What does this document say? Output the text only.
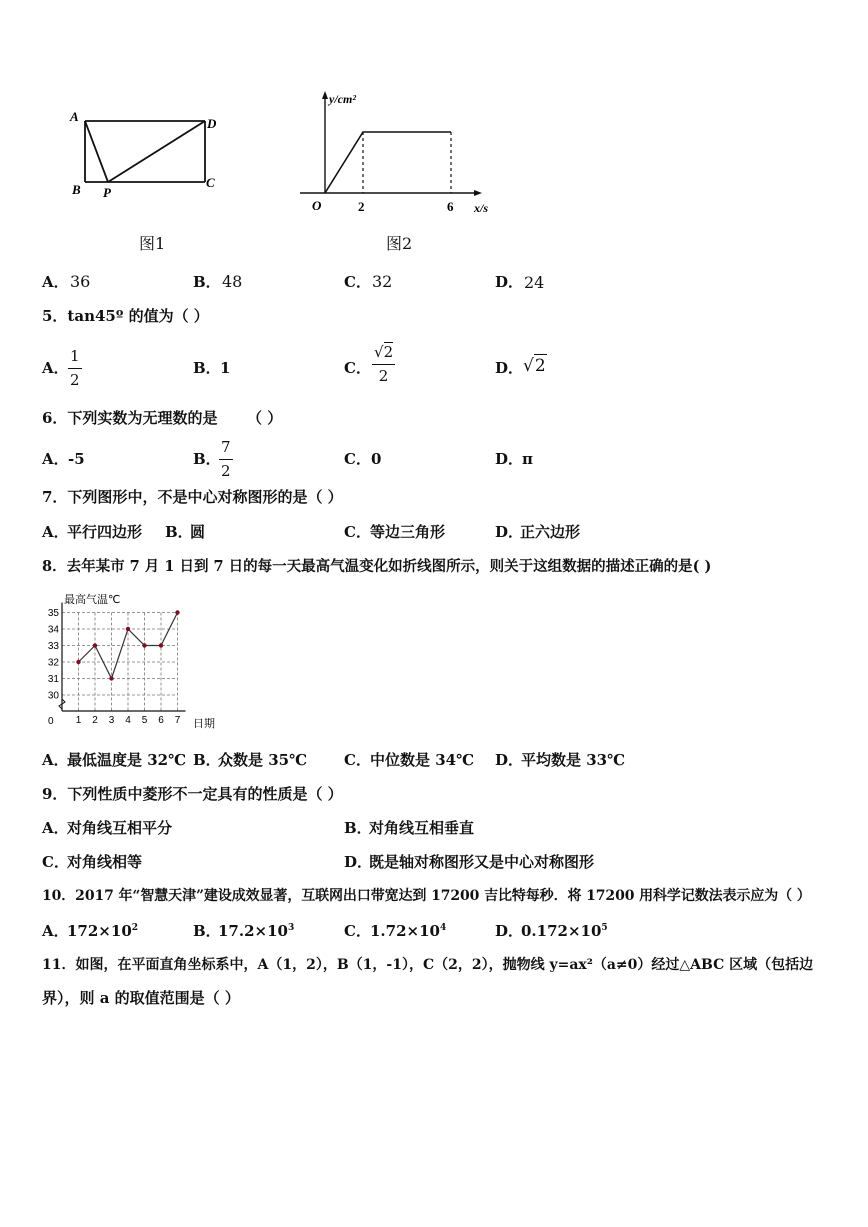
A	D
B P
C
图1
y/cm²
x/s
O	2	6
图2
A． 36	B． 48	C． 32	D． 24
5．tan45º 的值为（ ）
A．
1
2
B． 1	C．
√2
2	D． √2
6．下列实数为无理数的是 （ ）
A． -5	B．
7
2
C． 0	D．
π
7．下列图形中，不是中心对称图形的是（ ）
A．
平行四边形 B．
圆	C． 等边三角形	D．
正六边形
8．去年某市 7 月 1 日到 7 日的每一天最高气温变化如折线图所示，则关于这组数据的描述正确的是( )
30
31
32
33
34
35
1 2 3 4 5 6 7
最高气温℃
日期
0
A．
最低温度是 32℃ B．
众数是 35℃ C． 中位数是 34℃ D．
平均数是 33℃
9．下列性质中菱形不一定具有的性质是（ ）
A．
对角线互相平分	B．
对角线互相垂直
C．
对角线相等	D．
既是轴对称图形又是中心对称图形
10．2017 年“智慧天津”建设成效显著，互联网出口带宽达到 17200 吉比特每秒．将 17200 用科学记数法表示应为（ ）
A．
$172\times 10^2$	B．
$17.2\times 10^3$	C． $1.72\times 10^4$	D．
$0.172\times 10^5$
11．如图，在平面直角坐标系中，A（1，2），B（1，-1），C（2，2），抛物线 y=ax²（a≠0）经过△ABC 区域（包括边
界），则 a 的取值范围是（ ）
